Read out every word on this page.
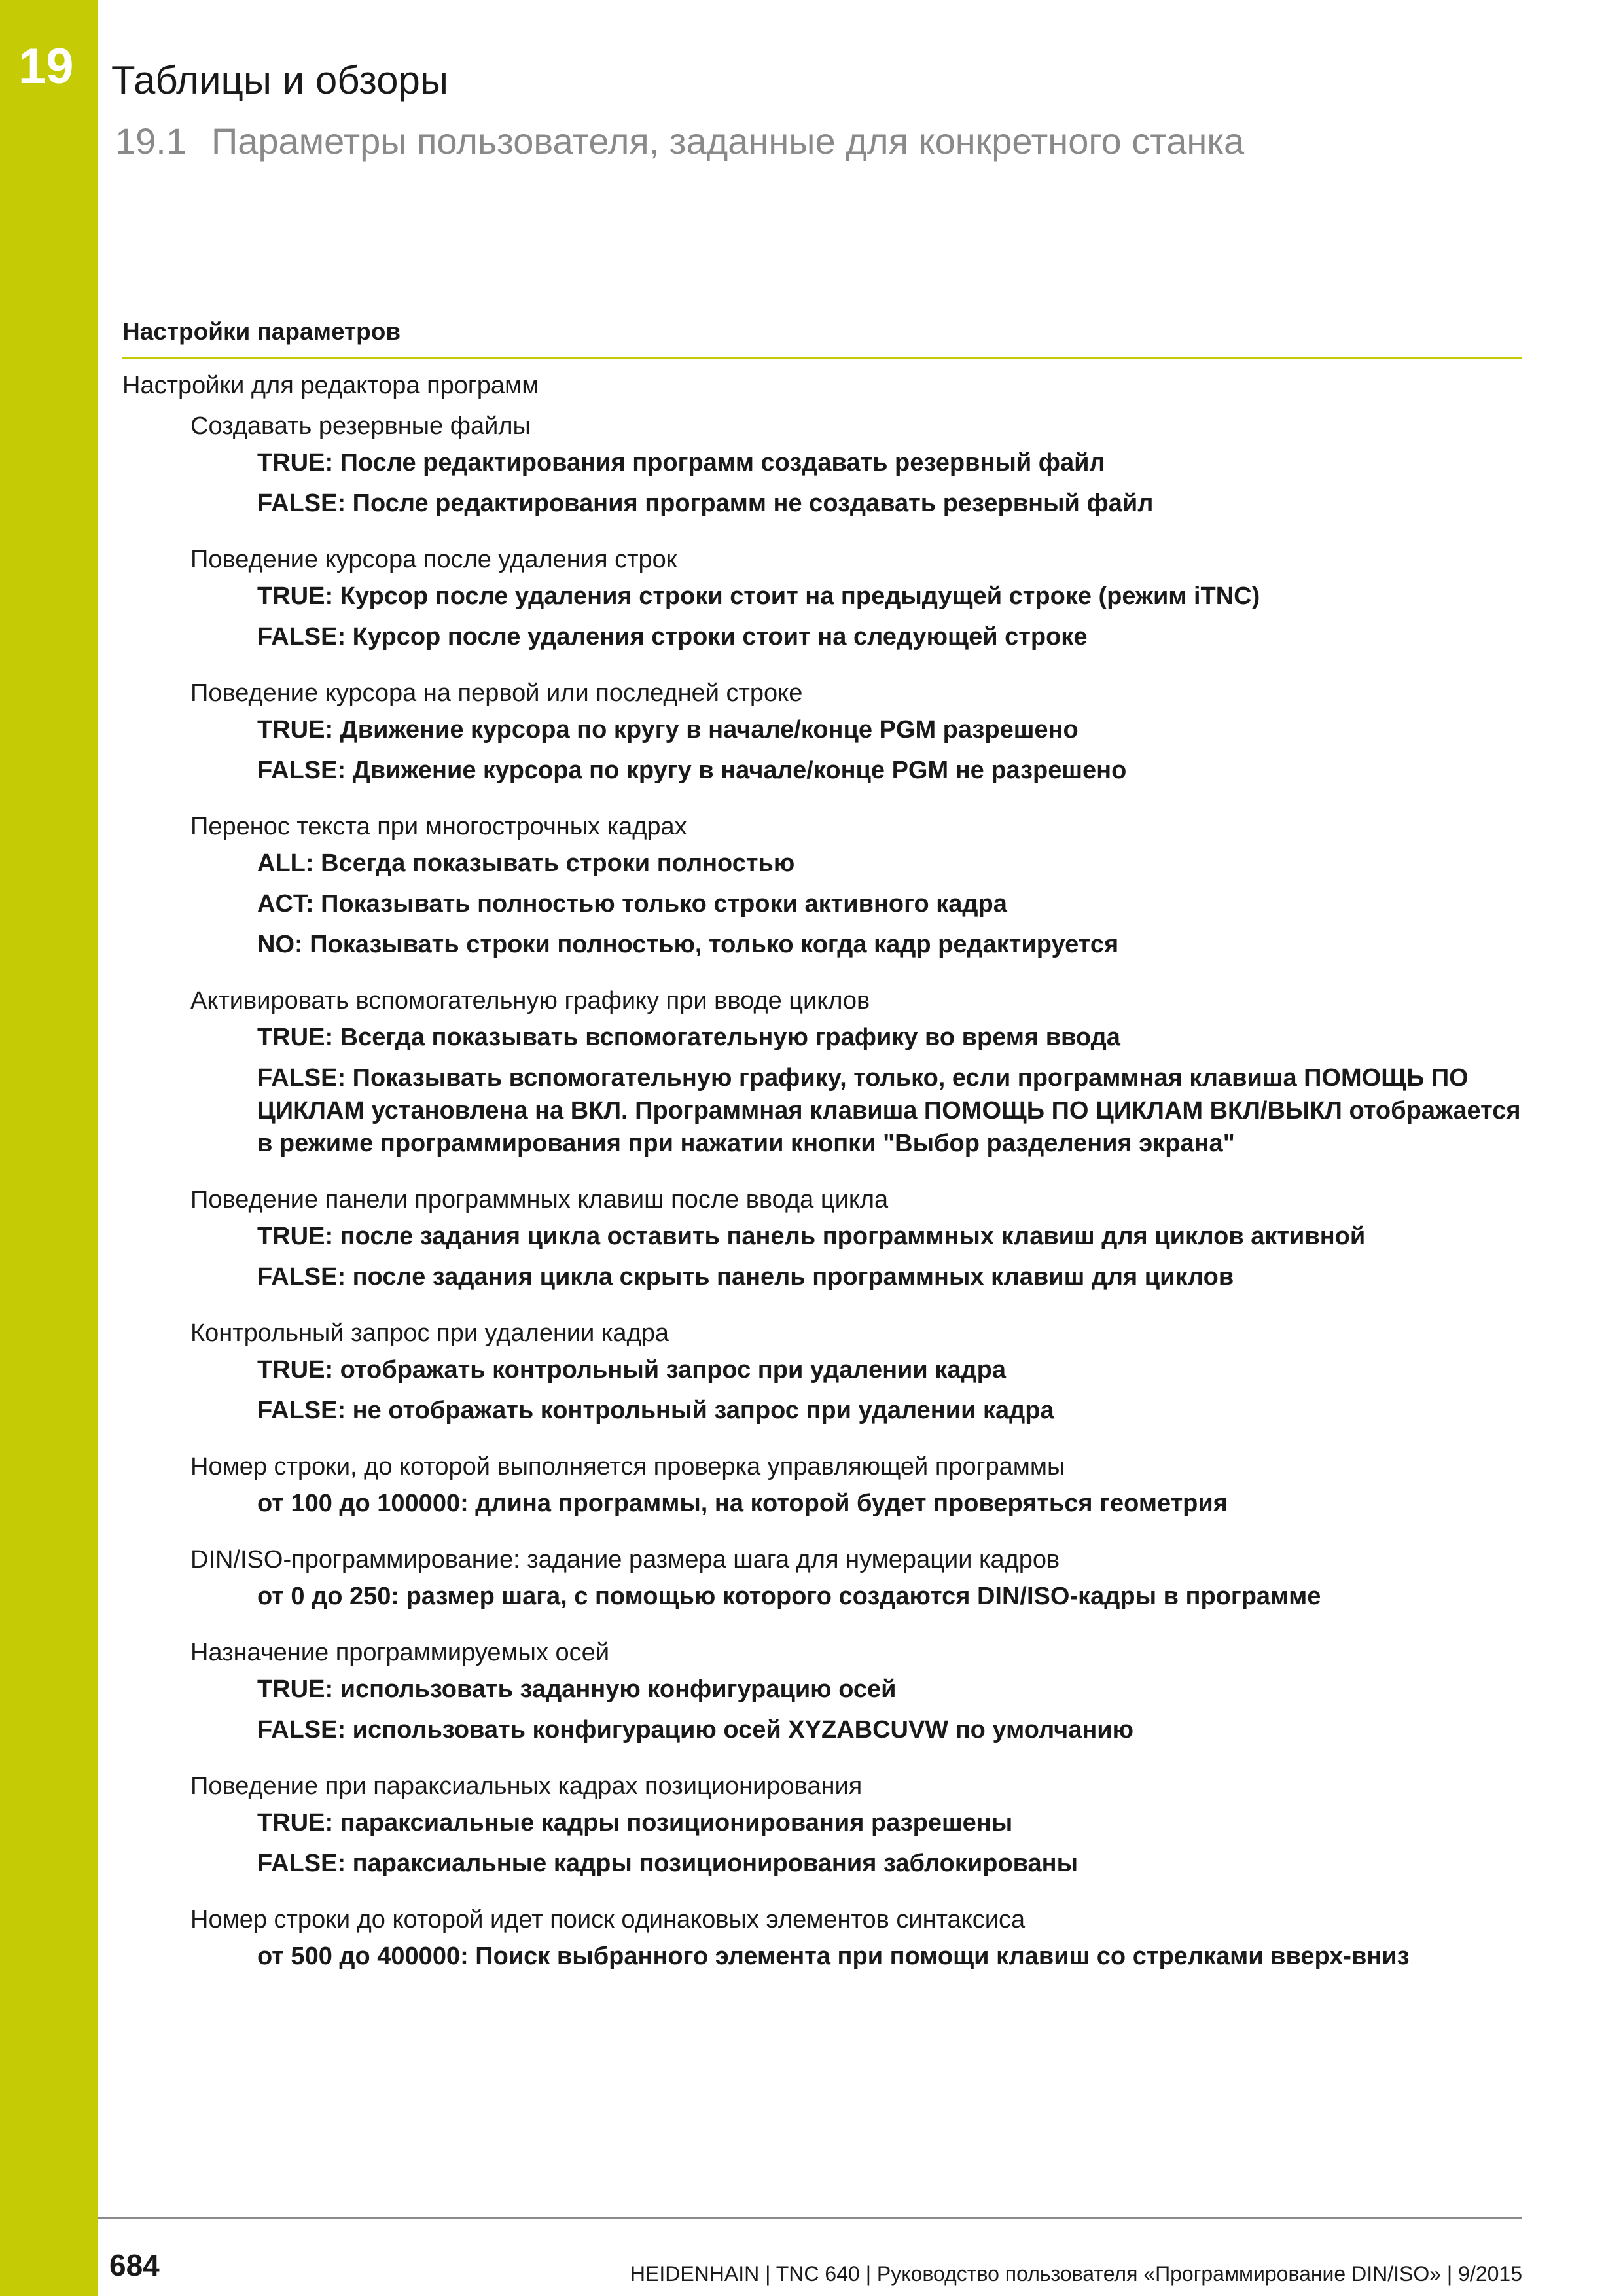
19 Таблицы и обзоры
19.1 Параметры пользователя, заданные для конкретного станка
Настройки параметров
Настройки для редактора программ
Создавать резервные файлы
TRUE: После редактирования программ создавать резервный файл
FALSE: После редактирования программ не создавать резервный файл
Поведение курсора после удаления строк
TRUE: Курсор после удаления строки стоит на предыдущей строке (режим iTNC)
FALSE: Курсор после удаления строки стоит на следующей строке
Поведение курсора на первой или последней строке
TRUE: Движение курсора по кругу в начале/конце PGM разрешено
FALSE: Движение курсора по кругу в начале/конце PGM не разрешено
Перенос текста при многострочных кадрах
ALL: Всегда показывать строки полностью
ACT: Показывать полностью только строки активного кадра
NO: Показывать строки полностью, только когда кадр редактируется
Активировать вспомогательную графику при вводе циклов
TRUE: Всегда показывать вспомогательную графику во время ввода
FALSE: Показывать вспомогательную графику, только, если программная клавиша ПОМОЩЬ ПО ЦИКЛАМ установлена на ВКЛ. Программная клавиша ПОМОЩЬ ПО ЦИКЛАМ ВКЛ/ВЫКЛ отображается в режиме программирования при нажатии кнопки "Выбор разделения экрана"
Поведение панели программных клавиш после ввода цикла
TRUE: после задания цикла оставить панель программных клавиш для циклов активной
FALSE: после задания цикла скрыть панель программных клавиш для циклов
Контрольный запрос при удалении кадра
TRUE: отображать контрольный запрос при удалении кадра
FALSE: не отображать контрольный запрос при удалении кадра
Номер строки, до которой выполняется проверка управляющей программы
от 100 до 100000: длина программы, на которой будет проверяться геометрия
DIN/ISO-программирование: задание размера шага для нумерации кадров
от 0 до 250: размер шага, с помощью которого создаются DIN/ISO-кадры в программе
Назначение программируемых осей
TRUE: использовать заданную конфигурацию осей
FALSE: использовать конфигурацию осей XYZABCUVW по умолчанию
Поведение при параксиальных кадрах позиционирования
TRUE: параксиальные кадры позиционирования разрешены
FALSE: параксиальные кадры позиционирования заблокированы
Номер строки до которой идет поиск одинаковых элементов синтаксиса
от 500 до 400000: Поиск выбранного элемента при помощи клавиш со стрелками вверх-вниз
684	HEIDENHAIN | TNC 640 | Руководство пользователя «Программирование DIN/ISO» | 9/2015
